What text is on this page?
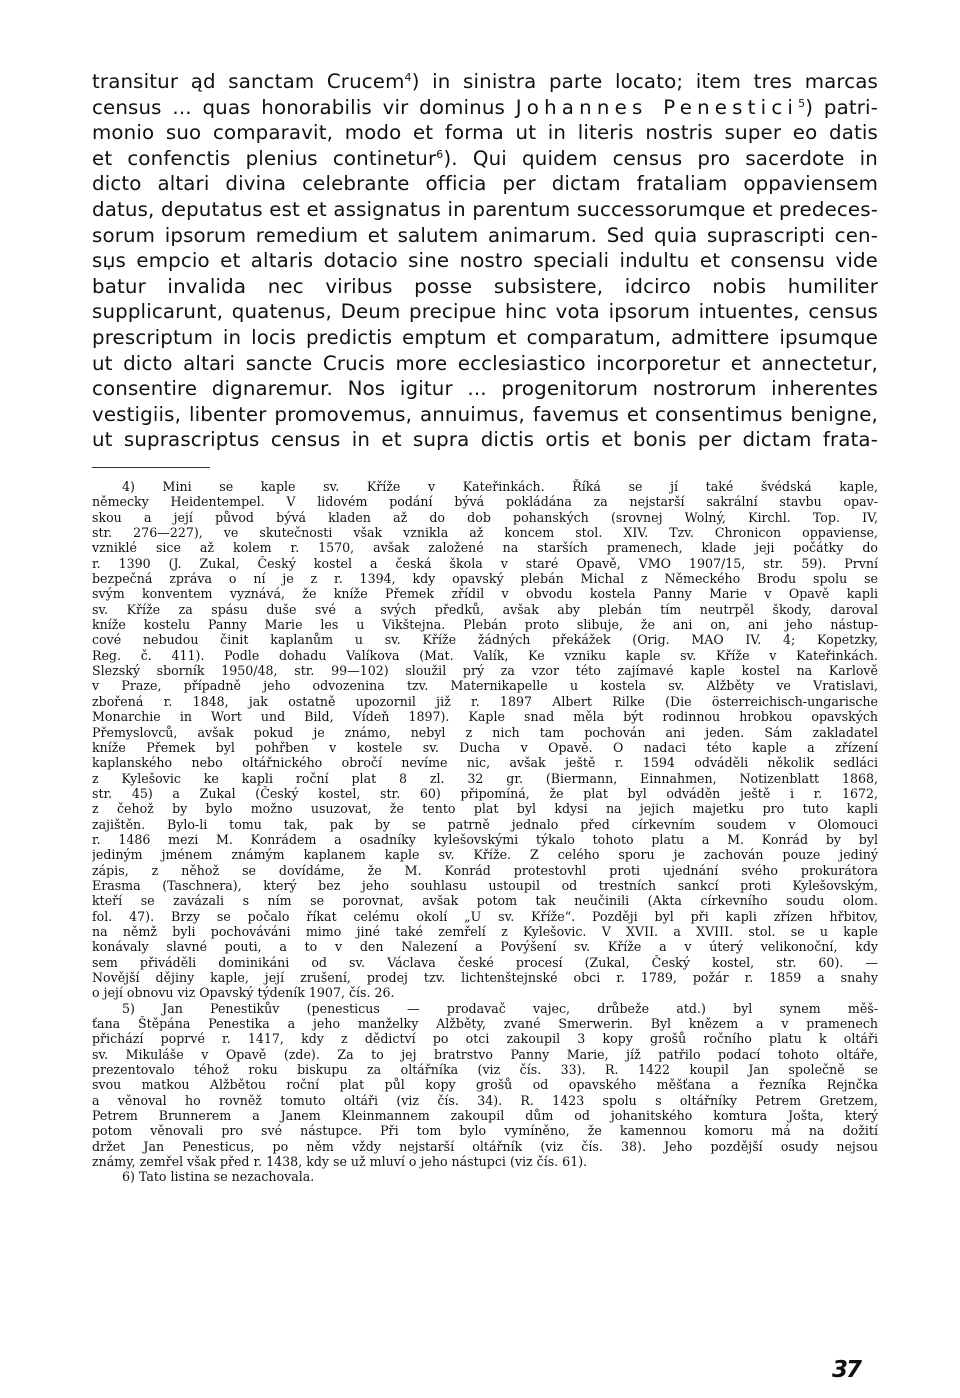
transitur ąd sanctam Crucem$^4$) in sinistra parte locato; item tres marcas
census ... quas honorabilis vir dominus Johannes Penestici$^5$) patri-
monio suo comparavit, modo et forma ut in literis nostris super eo datis
et confenctis plenius continetur$^6$). Qui quidem census pro sacerdote in
dicto altari divina celebrante officia per dictam frataliam oppaviensem
datus, deputatus est et assignatus in parentum successorumque et predeces-
sorum ipsorum remedium et salutem animarum. Sed quia suprascripti cen-
sџs empcio et altaris dotacio sine nostro speciali indultu et consensu vide
batur invalida nec viribus posse subsistere, idcirco nobis humiliter
supplicarunt, quatenus, Deum precipue hinc vota ipsorum intuentes, census
prescriptum in locis predictis emptum et comparatum, admittere ipsumque
ut dicto altari sancte Crucis more ecclesiastico incorporetur et annectetur,
consentire dignaremur. Nos igitur ... progenitorum nostrorum inherentes
vestigiis, libenter promovemus, annuimus, favemus et consentimus benigne,
ut suprascriptus census in et supra dictis ortis et bonis per dictam frata-
4) Mini se kaple sv. Kříže v Kateřinkách. Říká se jí také švédská kaple,
německy Heidentempel. V lidovém podání bývá pokládána za nejstarší sakrální stavbu opav-
skou a její původ bývá kladen až do dob pohanských (srovnej Wolný, Kirchl. Top. IV,
str. 276—227), ve skutečnosti však vznikla až koncem stol. XIV. Tzv. Chronicon oppaviense,
vzniklé sice až kolem r. 1570, avšak založené na starších pramenech, klade jeji počátky do
r. 1390 (J. Zukal, Český kostel a česká škola v staré Opavě, VMO 1907/15, str. 59). První
bezpečná zpráva o ní je z r. 1394, kdy opavský plebán Michal z Německého Brodu spolu se
svým konventem vyznává, že kníže Přemek zřídil v obvodu kostela Panny Marie v Opavě kapli
sv. Kříže za spásu duše své a svých předků, avšak aby plebán tím neutrpěl škody, daroval
kníže kostelu Panny Marie les u Vikštejna. Plebán proto slibuje, že ani on, ani jeho nástup-
cové nebudou činit kaplanům u sv. Kříže žádných překážek (Orig. MAO IV. 4; Kopetzky,
Reg. č. 411). Podle dohadu Valíkova (Mat. Valík, Ke vzniku kaple sv. Kříže v Kateřinkách.
Slezský sborník 1950/48, str. 99—102) sloužil prý za vzor této zajímavé kaple kostel na Karlově
v Praze, případně jeho odvozenina tzv. Maternikapelle u kostela sv. Alžběty ve Vratislavi,
zbořená r. 1848, jak ostatně upozornil již r. 1897 Albert Rilke (Die österreichisch-ungarische
Monarchie in Wort und Bild, Vídeň 1897). Kaple snad měla být rodinnou hrobkou opavských
Přemyslovců, avšak pokud je známo, nebyl z nich tam pochován ani jeden. Sám zakladatel
kníže Přemek byl pohřben v kostele sv. Ducha v Opavě. O nadaci této kaple a zřízení
kaplanského nebo oltářnického obročí nevíme nic, avšak ještě r. 1594 odváděli několik sedláci
z Kylešovic ke kapli roční plat 8 zl. 32 gr. (Biermann, Einnahmen, Notizenblatt 1868,
str. 45) a Zukal (Český kostel, str. 60) připomíná, že plat byl odváděn ještě i r. 1672,
z čehož by bylo možno usuzovat, že tento plat byl kdysi na jejich majetku pro tuto kapli
zajištěn. Bylo-li tomu tak, pak by se patrně jednalo před církevním soudem v Olomouci
r. 1486 mezi M. Konrádem a osadníky kylešovskými týkalo tohoto platu a M. Konrád by byl
jediným jménem známým kaplanem kaple sv. Kříže. Z celého sporu je zachován pouze jediný
zápis, z něhož se dovídáme, že M. Konrád protestovhl proti ujednání svého prokurátora
Erasma (Taschnera), který bez jeho souhlasu ustoupil od trestních sankcí proti Kylešovským,
kteří se zavázali s ním se porovnat, avšak potom tak neučinili (Akta církevního soudu olom.
fol. 47). Brzy se počalo říkat celému okolí „U sv. Kříže“. Později byl při kapli zřízen hřbitov,
na němž byli pochováváni mimo jiné také zemřelí z Kylešovic. V XVII. a XVIII. stol. se u kaple
konávaly slavné pouti, a to v den Nalezení a Povýšení sv. Kříže a v úterý velikonoční, kdy
sem přiváděli dominikáni od sv. Václava české procesí (Zukal, Český kostel, str. 60). —
Novější dějiny kaple, její zrušení, prodej tzv. lichtenštejnské obci r. 1789, požár r. 1859 a snahy
o její obnovu viz Opavský týdeník 1907, čís. 26.
5) Jan Penestikův (penesticus — prodavač vajec, drůbeže atd.) byl synem měš-
ťana Štěpána Penestika a jeho manželky Alžběty, zvané Smerwerin. Byl knězem a v pramenech
přichází poprvé r. 1417, kdy z dědictví po otci zakoupil 3 kopy grošů ročního platu k oltáři
sv. Mikuláše v Opavě (zde). Za to jej bratrstvo Panny Marie, jíž patřilo podací tohoto oltáře,
prezentovalo téhož roku biskupu za oltářníka (viz čís. 33). R. 1422 koupil Jan společně se
svou matkou Alžbětou roční plat půl kopy grošů od opavského měšťana a řezníka Rejnčka
a věnoval ho rovněž tomuto oltáři (viz čís. 34). R. 1423 spolu s oltářníky Petrem Gretzem,
Petrem Brunnerem a Janem Kleinmannem zakoupil dům od johanitského komtura Jošta, který
potom věnovali pro své nástupce. Při tom bylo vymíněno, že kamennou komoru má na dožití
držet Jan Penesticus, po něm vždy nejstarší oltářník (viz čís. 38). Jeho pozdější osudy nejsou
známy, zemřel však před r. 1438, kdy se už mluví o jeho nástupci (viz čís. 61).
6) Tato listina se nezachovala.
37
